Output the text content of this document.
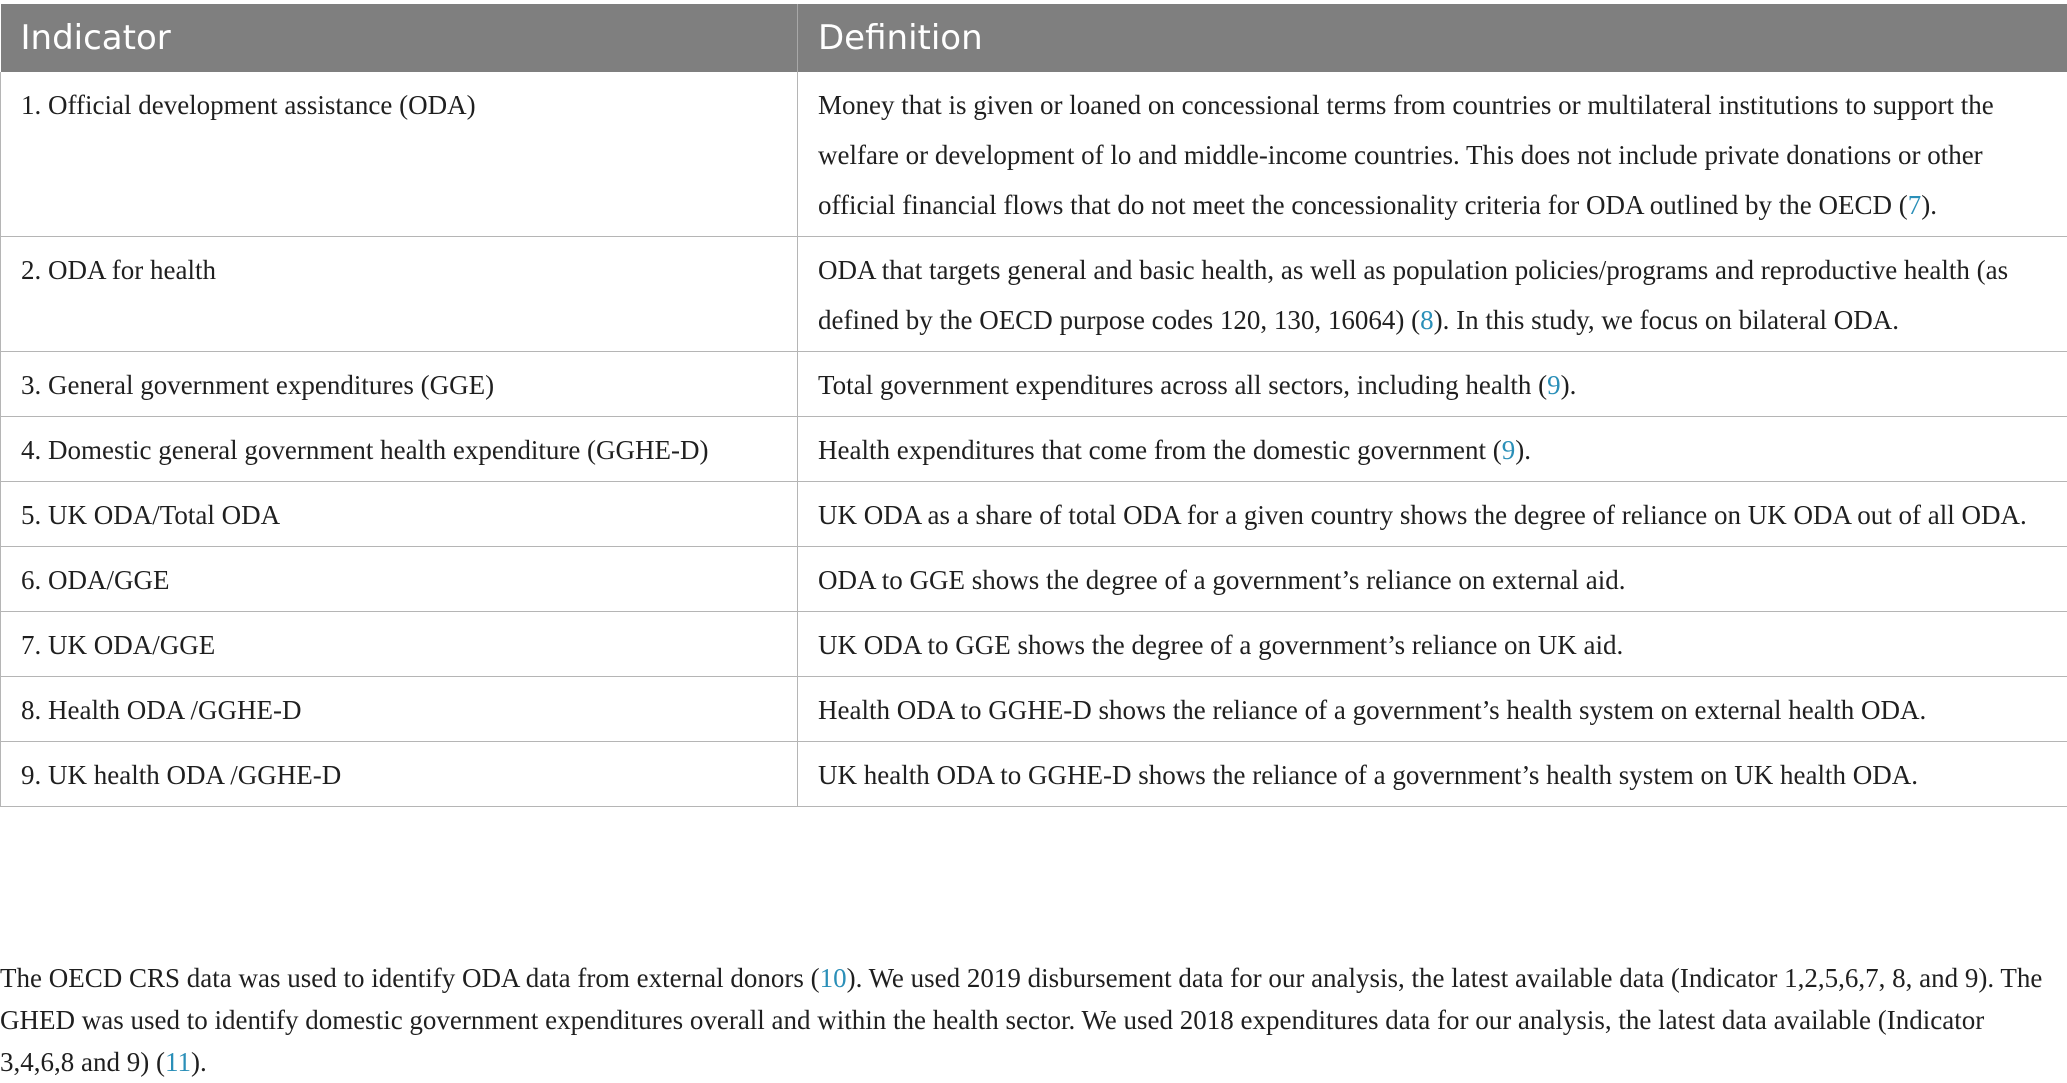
Indicator	Definition
1. Official development assistance (ODA)	Money that is given or loaned on concessional terms from countries or multilateral institutions to support the welfare or development of lo and middle-income countries. This does not include private donations or other official financial flows that do not meet the concessionality criteria for ODA outlined by the OECD (7).
2. ODA for health	ODA that targets general and basic health, as well as population policies/programs and reproductive health (as defined by the OECD purpose codes 120, 130, 16064) (8). In this study, we focus on bilateral ODA.
3. General government expenditures (GGE)	Total government expenditures across all sectors, including health (9).
4. Domestic general government health expenditure (GGHE-D)	Health expenditures that come from the domestic government (9).
5. UK ODA/Total ODA	UK ODA as a share of total ODA for a given country shows the degree of reliance on UK ODA out of all ODA.
6. ODA/GGE	ODA to GGE shows the degree of a government’s reliance on external aid.
7. UK ODA/GGE	UK ODA to GGE shows the degree of a government’s reliance on UK aid.
8. Health ODA /GGHE-D	Health ODA to GGHE-D shows the reliance of a government’s health system on external health ODA.
9. UK health ODA /GGHE-D	UK health ODA to GGHE-D shows the reliance of a government’s health system on UK health ODA.

The OECD CRS data was used to identify ODA data from external donors (10). We used 2019 disbursement data for our analysis, the latest available data (Indicator 1,2,5,6,7, 8, and 9). The GHED was used to identify domestic government expenditures overall and within the health sector. We used 2018 expenditures data for our analysis, the latest data available (Indicator 3,4,6,8 and 9) (11).
